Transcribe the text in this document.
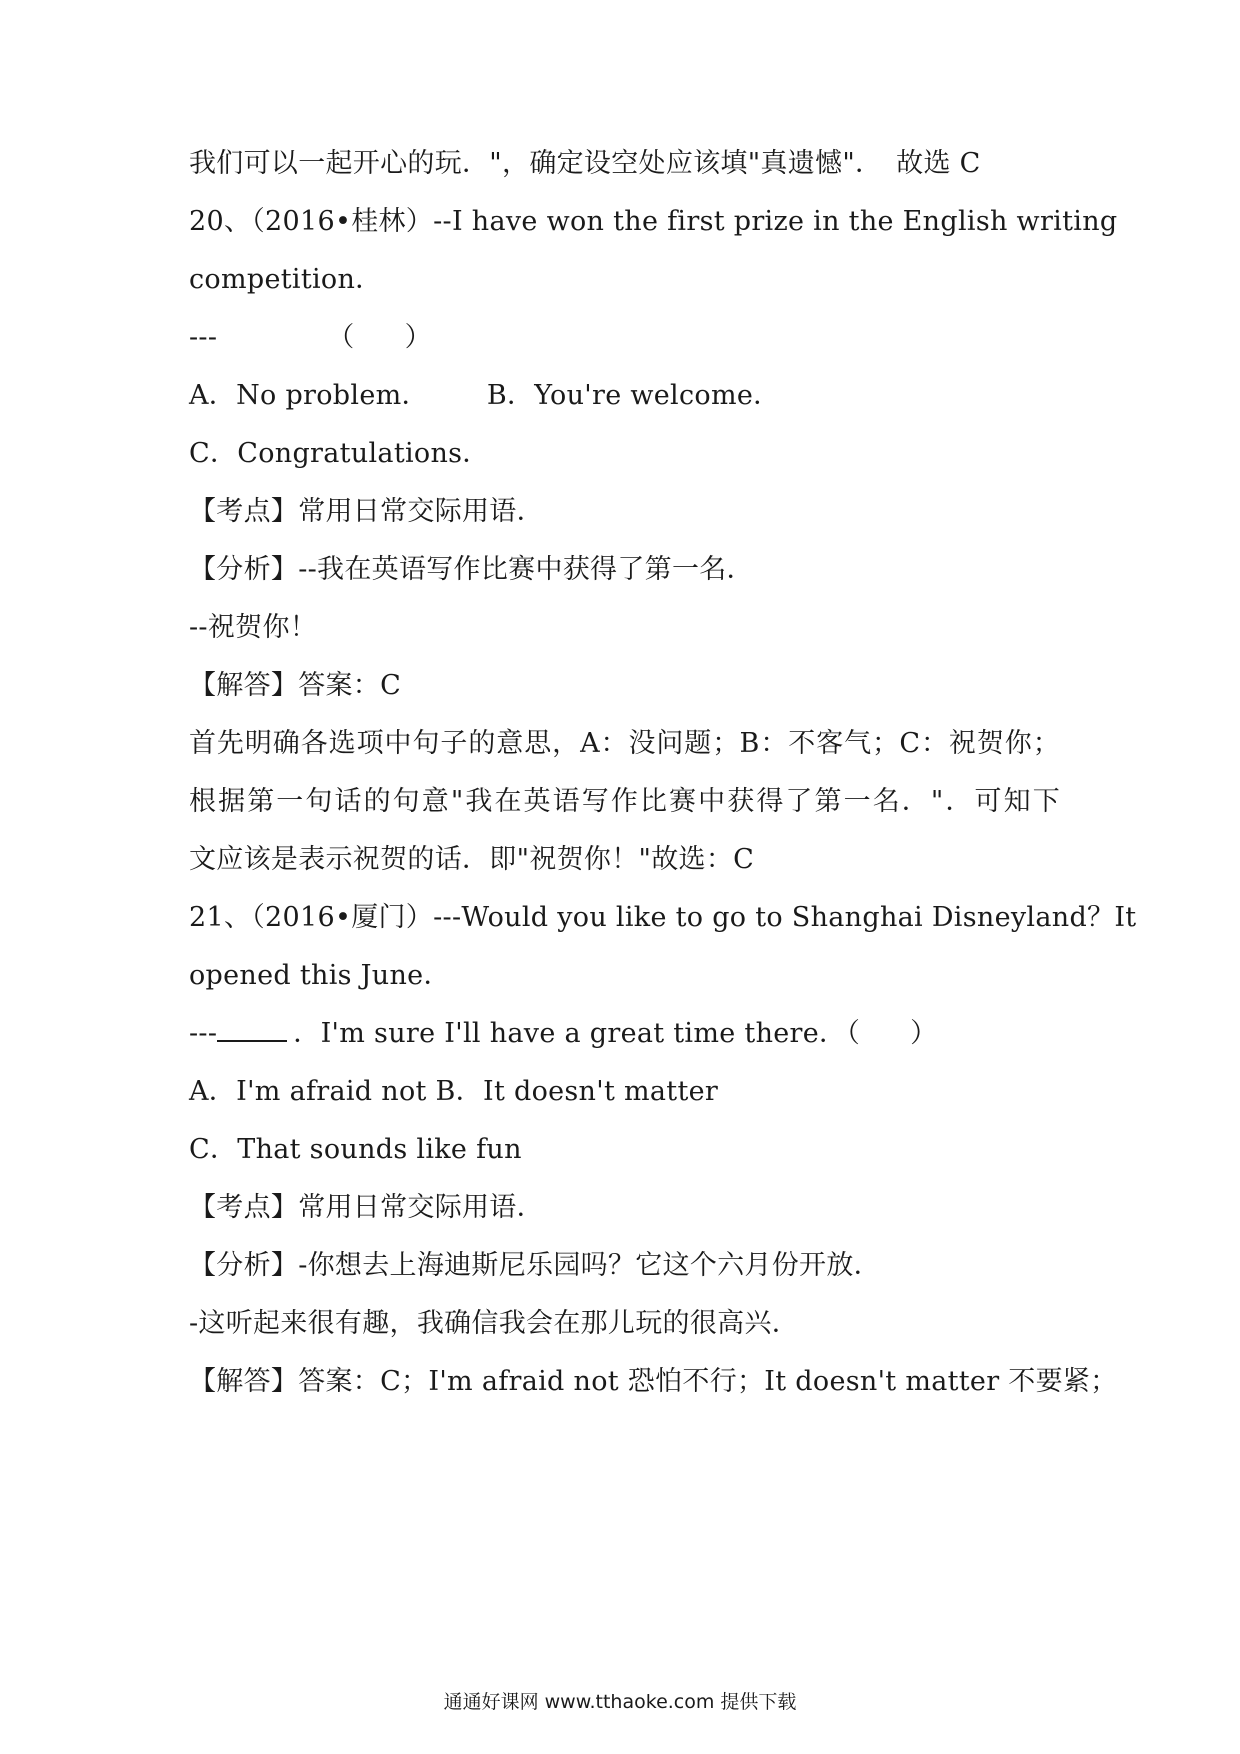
我们可以一起开心的玩．"，确定设空处应该填"真遗憾"．　故选 C
20、（2016•桂林）--I have won the first prize in the English writing
competition．
---	（ ）
A．No problem． B．You're welcome．
C．Congratulations．
【考点】常用日常交际用语．
【分析】--我在英语写作比赛中获得了第一名．
--祝贺你！
【解答】答案：C
首先明确各选项中句子的意思，A：没问题；B：不客气；C：祝贺你；
根据第一句话的句意"我在英语写作比赛中获得了第一名．"．可知下
文应该是表示祝贺的话．即"祝贺你！"故选：C
21、（2016•厦门）---Would you like to go to Shanghai Disneyland？It
opened this June．
---	．I'm sure I'll have a great time there．（ ）
A．I'm afraid not B．It doesn't matter
C．That sounds like fun
【考点】常用日常交际用语．
【分析】-你想去上海迪斯尼乐园吗？它这个六月份开放．
-这听起来很有趣，我确信我会在那儿玩的很高兴．
【解答】答案：C；I'm afraid not 恐怕不行；It doesn't matter 不要紧；
通通好课网 www.tthaoke.com 提供下载
